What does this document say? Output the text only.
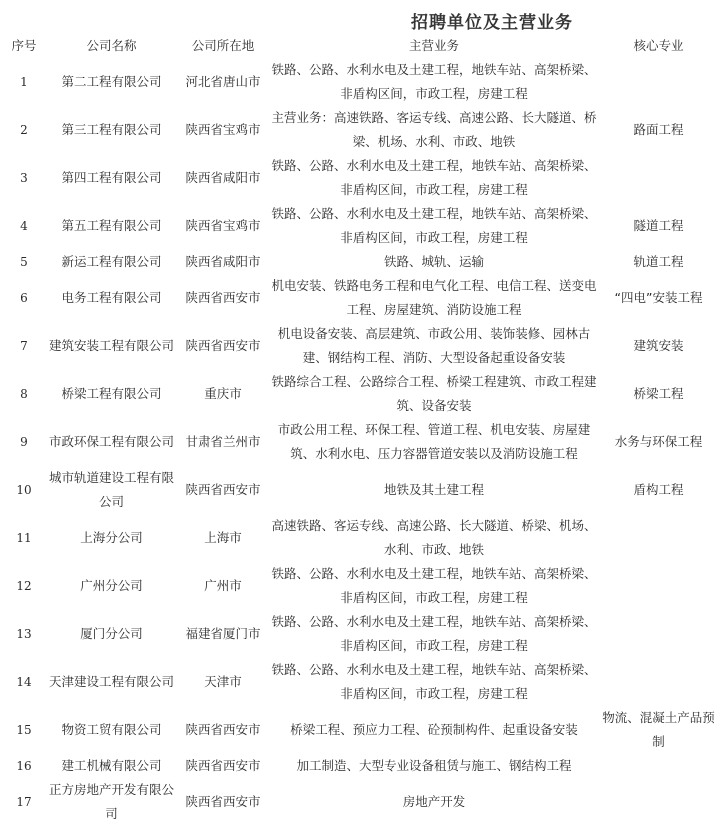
招聘单位及主营业务
序号	公司名称	公司所在地	主营业务	核心专业
1	第二工程有限公司	河北省唐山市	铁路、公路、水利水电及土建工程，地铁车站、高架桥梁、非盾构区间，市政工程，房建工程	
2	第三工程有限公司	陕西省宝鸡市	主营业务：高速铁路、客运专线、高速公路、长大隧道、桥梁、机场、水利、市政、地铁	路面工程
3	第四工程有限公司	陕西省咸阳市	铁路、公路、水利水电及土建工程，地铁车站、高架桥梁、非盾构区间，市政工程，房建工程	
4	第五工程有限公司	陕西省宝鸡市	铁路、公路、水利水电及土建工程，地铁车站、高架桥梁、非盾构区间，市政工程，房建工程	隧道工程
5	新运工程有限公司	陕西省咸阳市	铁路、城轨、运输	轨道工程
6	电务工程有限公司	陕西省西安市	机电安装、铁路电务工程和电气化工程、电信工程、送变电工程、房屋建筑、消防设施工程	“四电”安装工程
7	建筑安装工程有限公司	陕西省西安市	机电设备安装、高层建筑、市政公用、装饰装修、园林古建、钢结构工程、消防、大型设备起重设备安装	建筑安装
8	桥梁工程有限公司	重庆市	铁路综合工程、公路综合工程、桥梁工程建筑、市政工程建筑、设备安装	桥梁工程
9	市政环保工程有限公司	甘肃省兰州市	市政公用工程、环保工程、管道工程、机电安装、房屋建筑、水利水电、压力容器管道安装以及消防设施工程	水务与环保工程
10	城市轨道建设工程有限公司	陕西省西安市	地铁及其土建工程	盾构工程
11	上海分公司	上海市	高速铁路、客运专线、高速公路、长大隧道、桥梁、机场、水利、市政、地铁	
12	广州分公司	广州市	铁路、公路、水利水电及土建工程，地铁车站、高架桥梁、非盾构区间，市政工程，房建工程	
13	厦门分公司	福建省厦门市	铁路、公路、水利水电及土建工程，地铁车站、高架桥梁、非盾构区间，市政工程，房建工程	
14	天津建设工程有限公司	天津市	铁路、公路、水利水电及土建工程，地铁车站、高架桥梁、非盾构区间，市政工程，房建工程	
15	物资工贸有限公司	陕西省西安市	桥梁工程、预应力工程、砼预制构件、起重设备安装	物流、混凝土产品预制
16	建工机械有限公司	陕西省西安市	加工制造、大型专业设备租赁与施工、钢结构工程	
17	正方房地产开发有限公司	陕西省西安市	房地产开发	
